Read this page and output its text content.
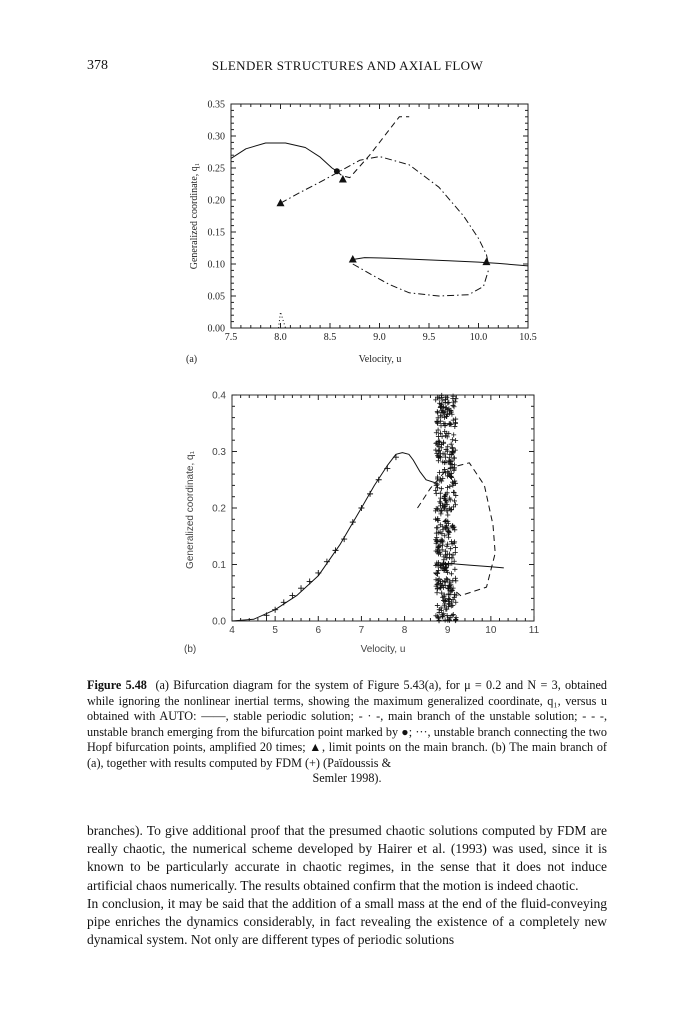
378	SLENDER STRUCTURES AND AXIAL FLOW
7.5	8.0	8.5	9.0	9.5	10.0	10.5
0.00
0.05
0.10
0.15
0.20
0.25
0.30
0.35
Generalized coordinate, q₁
Velocity, u
(a)
4	5	6	7	8	9	10	11
0.0
0.1
0.2
0.3
0.4
Generalized coordinate, q₁
Velocity, u
(b)
Figure 5.48 (a) Bifurcation diagram for the system of Figure 5.43(a), for μ = 0.2 and N = 3, obtained while ignoring the nonlinear inertial terms, showing the maximum generalized coordinate, q₁, versus u obtained with AUTO: ——, stable periodic solution; - · -, main branch of the unstable solution; - - -, unstable branch emerging from the bifurcation point marked by ●; ···, unstable branch connecting the two Hopf bifurcation points, amplified 20 times; ▲, limit points on the main branch. (b) The main branch of (a), together with results computed by FDM (+) (Païdoussis &
Semler 1998).

branches). To give additional proof that the presumed chaotic solutions computed by FDM are really chaotic, the numerical scheme developed by Hairer et al. (1993) was used, since it is known to be particularly accurate in chaotic regimes, in the sense that it does not induce artificial chaos numerically. The results obtained confirm that the motion is indeed chaotic.

In conclusion, it may be said that the addition of a small mass at the end of the fluid-conveying pipe enriches the dynamics considerably, in fact revealing the existence of a completely new dynamical system. Not only are different types of periodic solutions
